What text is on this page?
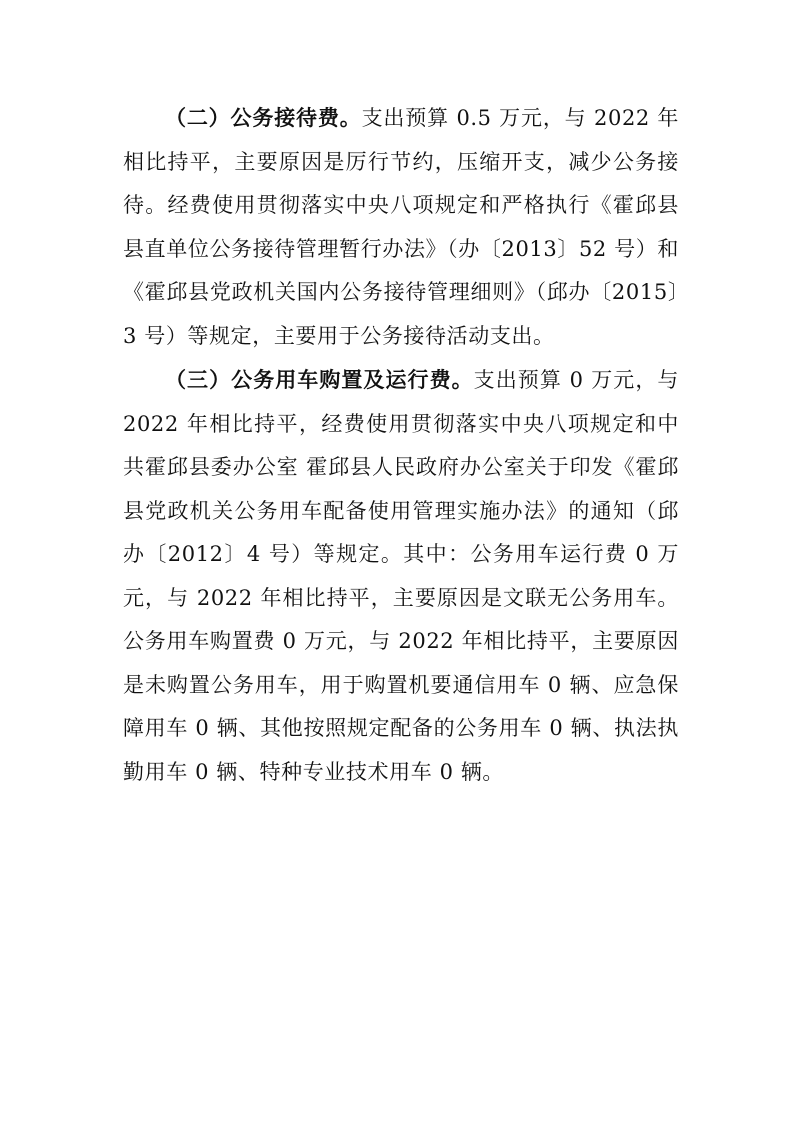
（二）公务接待费。支出预算 0.5 万元，与 2022 年相比持平，主要原因是厉行节约，压缩开支，减少公务接待。经费使用贯彻落实中央八项规定和严格执行《霍邱县县直单位公务接待管理暂行办法》（办〔2013〕52 号）和《霍邱县党政机关国内公务接待管理细则》（邱办〔2015〕3 号）等规定，主要用于公务接待活动支出。

（三）公务用车购置及运行费。支出预算 0 万元，与 2022 年相比持平，经费使用贯彻落实中央八项规定和中共霍邱县委办公室 霍邱县人民政府办公室关于印发《霍邱县党政机关公务用车配备使用管理实施办法》的通知（邱办〔2012〕4 号）等规定。其中：公务用车运行费 0 万元，与 2022 年相比持平，主要原因是文联无公务用车。公务用车购置费 0 万元，与 2022 年相比持平，主要原因是未购置公务用车，用于购置机要通信用车 0 辆、应急保障用车 0 辆、其他按照规定配备的公务用车 0 辆、执法执勤用车 0 辆、特种专业技术用车 0 辆。
